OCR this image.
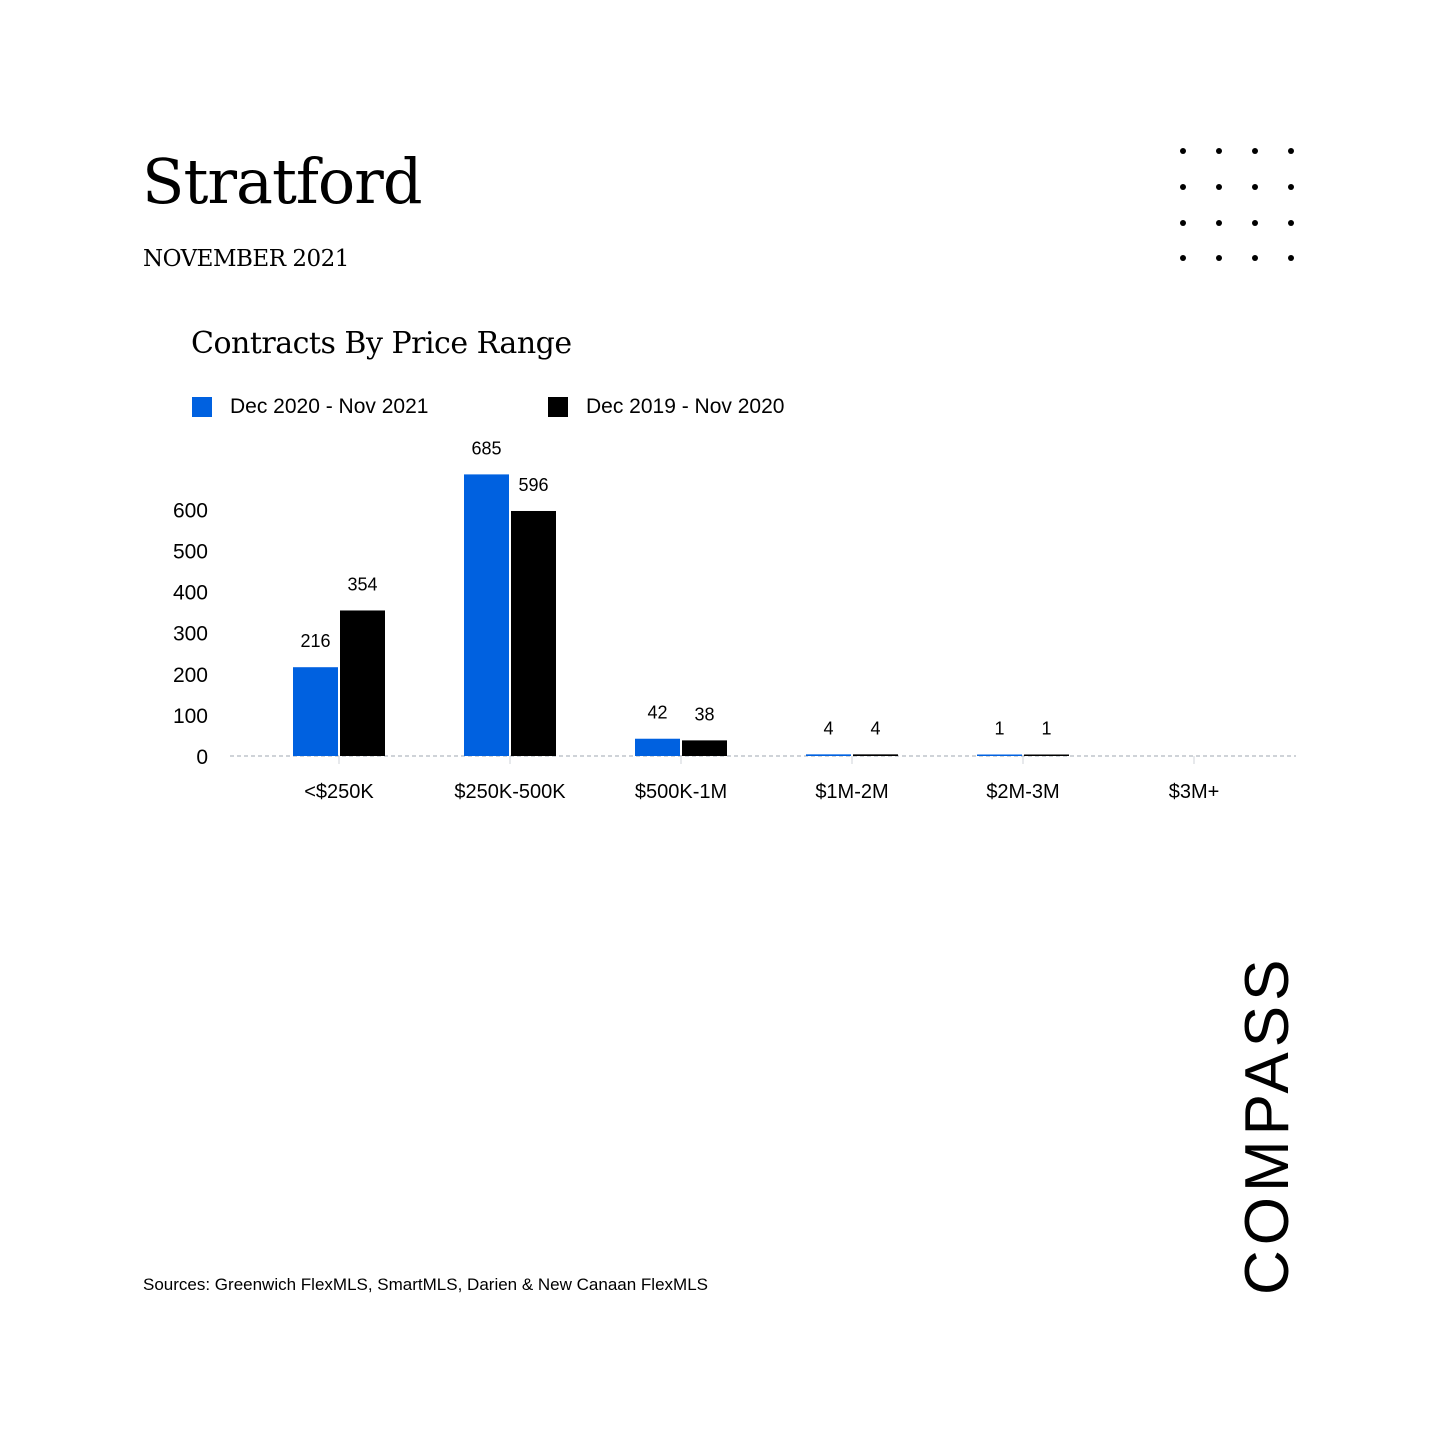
Stratford
NOVEMBER 2021
Contracts By Price Range
Dec 2020 - Nov 2021	Dec 2019 - Nov 2020
0
100
200
300
400
500
600
<$250K
216
354
$250K-500K
685
596
$500K-1M
42 38
$1M-2M
4 4
$2M-3M
1 1
$3M+
Sources: Greenwich FlexMLS, SmartMLS, Darien & New Canaan FlexMLS	COMPASS
